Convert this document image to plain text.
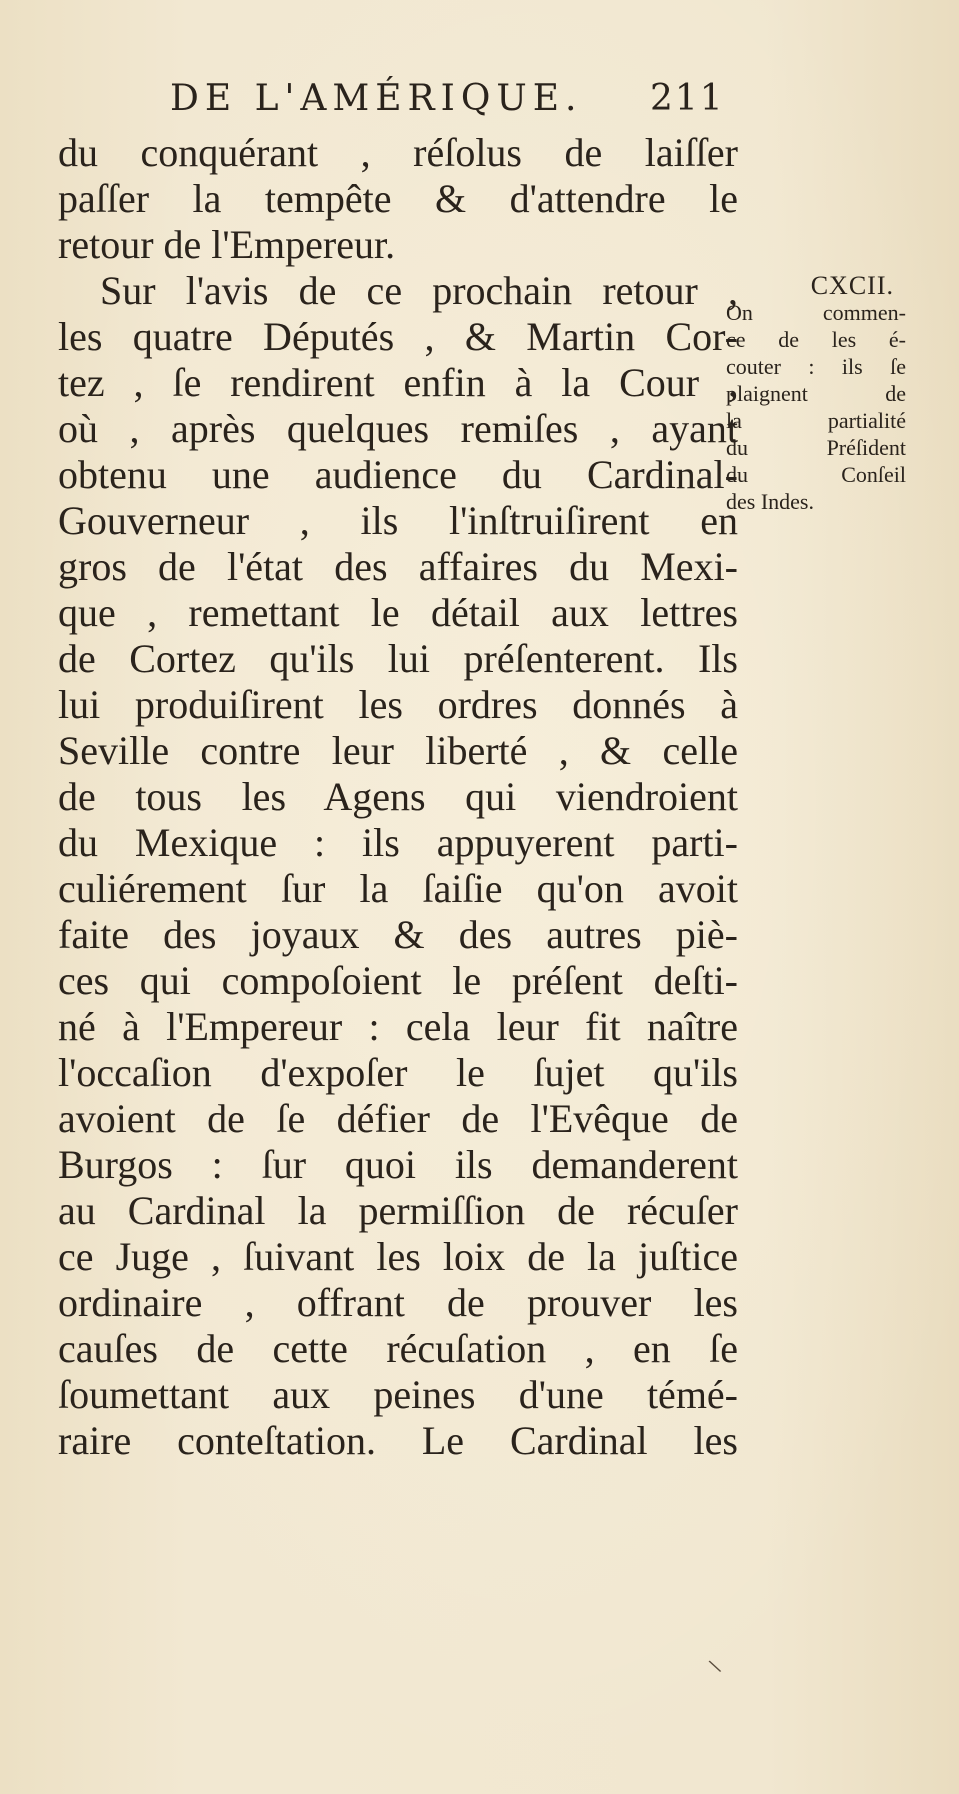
DE L'AMÉRIQUE. 211
du conquérant , réſolus de laiſſer
paſſer la tempête & d'attendre le
retour de l'Empereur.
Sur l'avis de ce prochain retour ,
les quatre Députés , & Martin Cor-
tez , ſe rendirent enfin à la Cour ,
où , après quelques remiſes , ayant
obtenu une audience du Cardinal-
Gouverneur , ils l'inſtruiſirent en
gros de l'état des affaires du Mexi-
que , remettant le détail aux lettres
de Cortez qu'ils lui préſenterent. Ils
lui produiſirent les ordres donnés à
Seville contre leur liberté , & celle
de tous les Agens qui viendroient
du Mexique : ils appuyerent parti-
culiérement ſur la ſaiſie qu'on avoit
faite des joyaux & des autres piè-
ces qui compoſoient le préſent deſti-
né à l'Empereur : cela leur fit naître
l'occaſion d'expoſer le ſujet qu'ils
avoient de ſe défier de l'Evêque de
Burgos : ſur quoi ils demanderent
au Cardinal la permiſſion de récuſer
ce Juge , ſuivant les loix de la juſtice
ordinaire , offrant de prouver les
cauſes de cette récuſation , en ſe
ſoumettant aux peines d'une témé-
raire conteſtation. Le Cardinal les
CXCII.
On commen-
ce de les é-
couter : ils ſe
plaignent de
la partialité
du Préſident
du Conſeil
des Indes.
\
